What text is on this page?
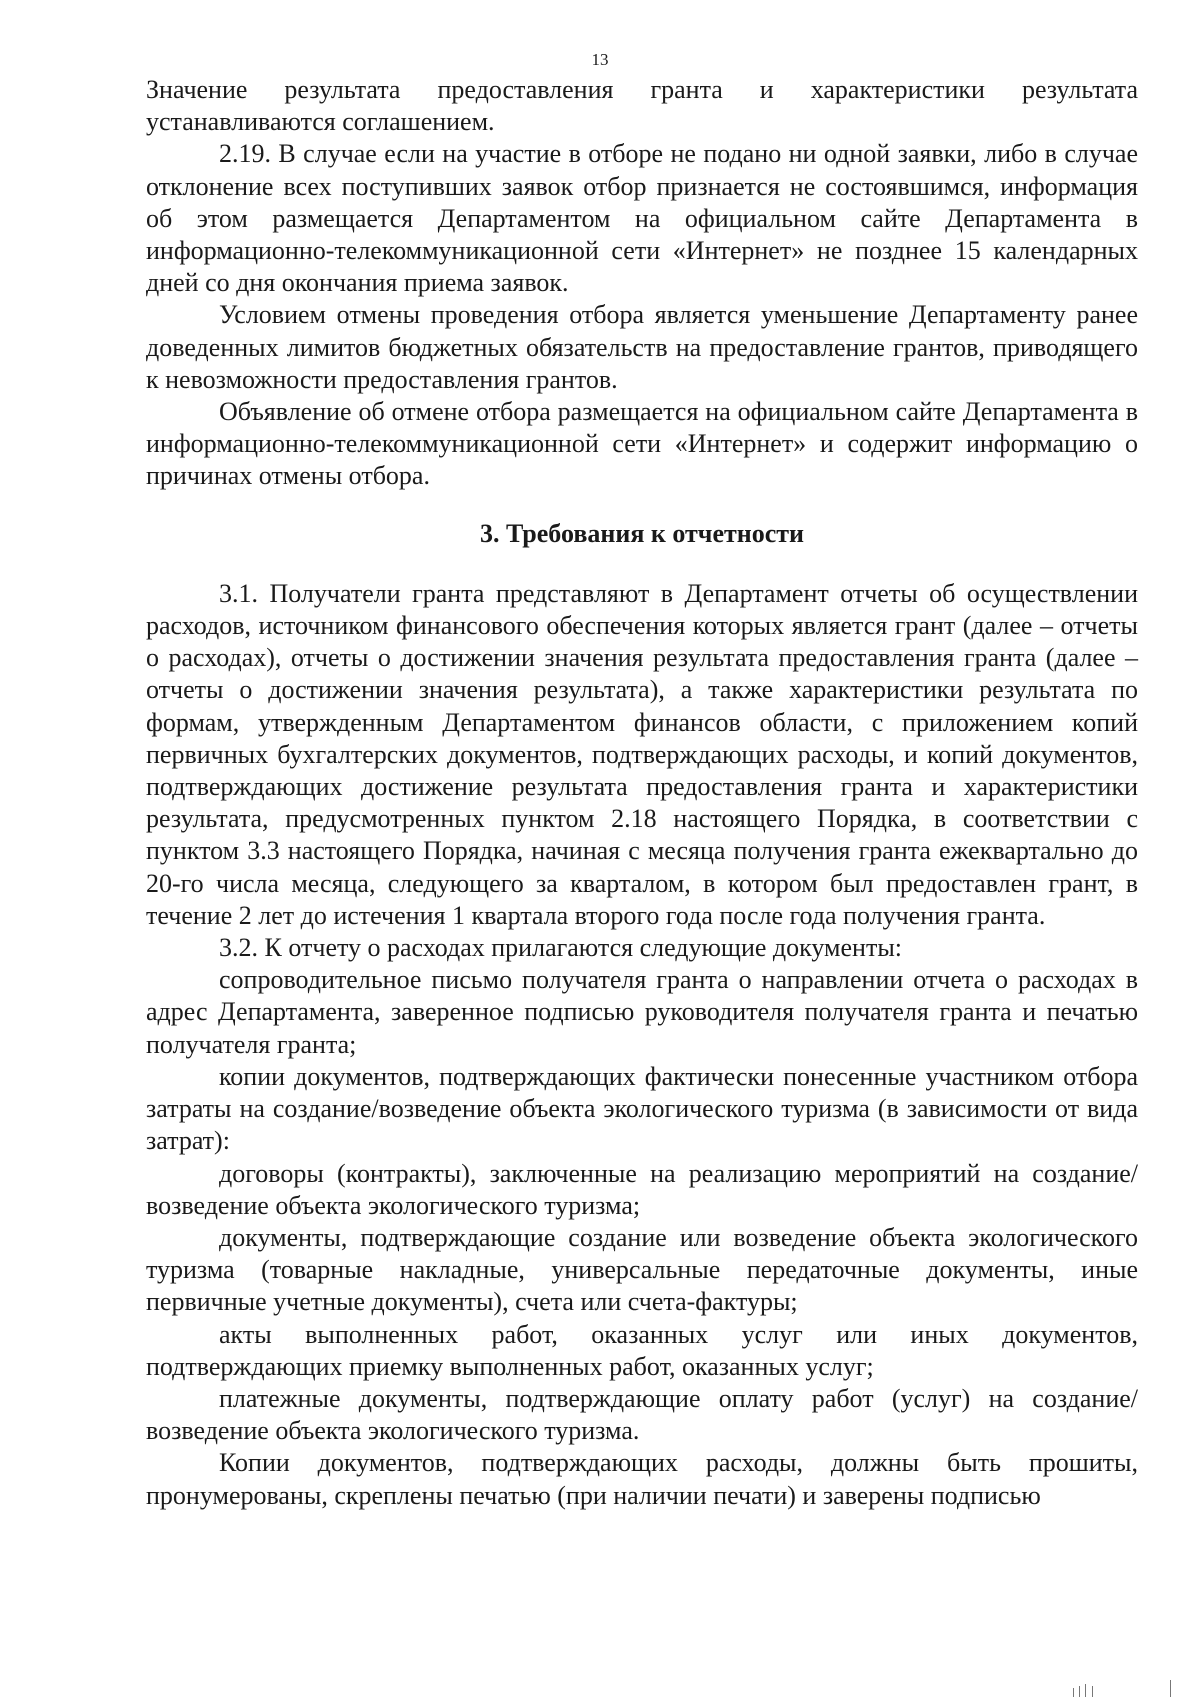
13

Значение результата предоставления гранта и характеристики результата устанавливаются соглашением.

2.19. В случае если на участие в отборе не подано ни одной заявки, либо в случае отклонение всех поступивших заявок отбор признается не состоявшимся, информация об этом размещается Департаментом на официальном сайте Департамента в информационно-телекоммуникационной сети «Интернет» не позднее 15 календарных дней со дня окончания приема заявок.

Условием отмены проведения отбора является уменьшение Департаменту ранее доведенных лимитов бюджетных обязательств на предоставление грантов, приводящего к невозможности предоставления грантов.

Объявление об отмене отбора размещается на официальном сайте Департамента в информационно-телекоммуникационной сети «Интернет» и содержит информацию о причинах отмены отбора.

3. Требования к отчетности

3.1. Получатели гранта представляют в Департамент отчеты об осуществлении расходов, источником финансового обеспечения которых является грант (далее – отчеты о расходах), отчеты о достижении значения результата предоставления гранта (далее – отчеты о достижении значения результата), а также характеристики результата по формам, утвержденным Департаментом финансов области, с приложением копий первичных бухгалтерских документов, подтверждающих расходы, и копий документов, подтверждающих достижение результата предоставления гранта и характеристики результата, предусмотренных пунктом 2.18 настоящего Порядка, в соответствии с пунктом 3.3 настоящего Порядка, начиная с месяца получения гранта ежеквартально до 20-го числа месяца, следующего за кварталом, в котором был предоставлен грант, в течение 2 лет до истечения 1 квартала второго года после года получения гранта.

3.2. К отчету о расходах прилагаются следующие документы:

сопроводительное письмо получателя гранта о направлении отчета о расходах в адрес Департамента, заверенное подписью руководителя получателя гранта и печатью получателя гранта;

копии документов, подтверждающих фактически понесенные участником отбора затраты на создание/возведение объекта экологического туризма (в зависимости от вида затрат):

договоры (контракты), заключенные на реализацию мероприятий на создание/возведение объекта экологического туризма;

документы, подтверждающие создание или возведение объекта экологического туризма (товарные накладные, универсальные передаточные документы, иные первичные учетные документы), счета или счета-фактуры;

акты выполненных работ, оказанных услуг или иных документов, подтверждающих приемку выполненных работ, оказанных услуг;

платежные документы, подтверждающие оплату работ (услуг) на создание/возведение объекта экологического туризма.

Копии документов, подтверждающих расходы, должны быть прошиты, пронумерованы, скреплены печатью (при наличии печати) и заверены подписью
